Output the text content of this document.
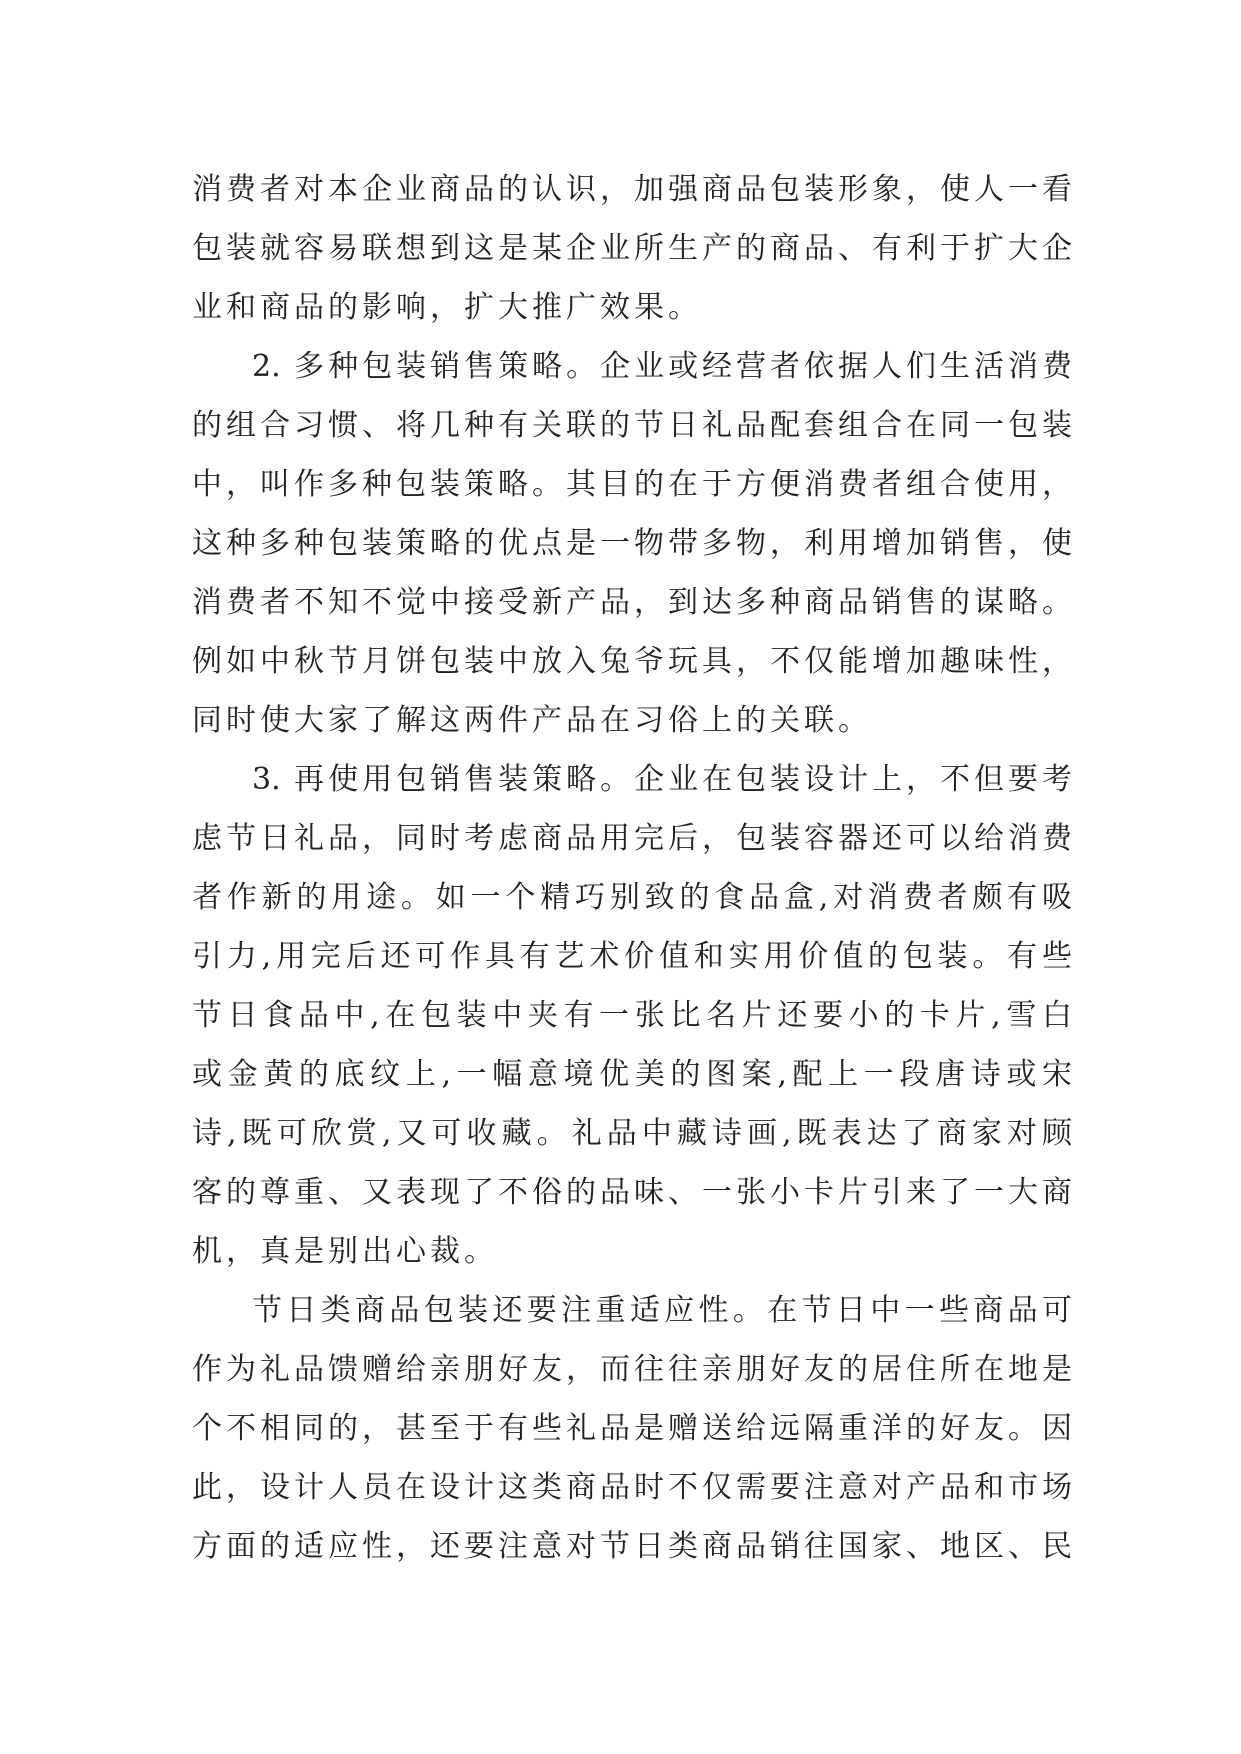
消费者对本企业商品的认识，加强商品包装形象，使人一看
包装就容易联想到这是某企业所生产的商品、有利于扩大企
业和商品的影响，扩大推广效果。
2. 多种包装销售策略。企业或经营者依据人们生活消费
的组合习惯、将几种有关联的节日礼品配套组合在同一包装
中，叫作多种包装策略。其目的在于方便消费者组合使用，
这种多种包装策略的优点是一物带多物，利用增加销售，使
消费者不知不觉中接受新产品，到达多种商品销售的谋略。
例如中秋节月饼包装中放入兔爷玩具，不仅能增加趣味性，
同时使大家了解这两件产品在习俗上的关联。
3. 再使用包销售装策略。企业在包装设计上，不但要考
虑节日礼品，同时考虑商品用完后，包装容器还可以给消费
者作新的用途。如一个精巧别致的食品盒,对消费者颇有吸
引力,用完后还可作具有艺术价值和实用价值的包装。有些
节日食品中,在包装中夹有一张比名片还要小的卡片,雪白
或金黄的底纹上,一幅意境优美的图案,配上一段唐诗或宋
诗,既可欣赏,又可收藏。礼品中藏诗画,既表达了商家对顾
客的尊重、又表现了不俗的品味、一张小卡片引来了一大商
机，真是别出心裁。
节日类商品包装还要注重适应性。在节日中一些商品可
作为礼品馈赠给亲朋好友，而往往亲朋好友的居住所在地是
个不相同的，甚至于有些礼品是赠送给远隔重洋的好友。因
此，设计人员在设计这类商品时不仅需要注意对产品和市场
方面的适应性，还要注意对节日类商品销往国家、地区、民
